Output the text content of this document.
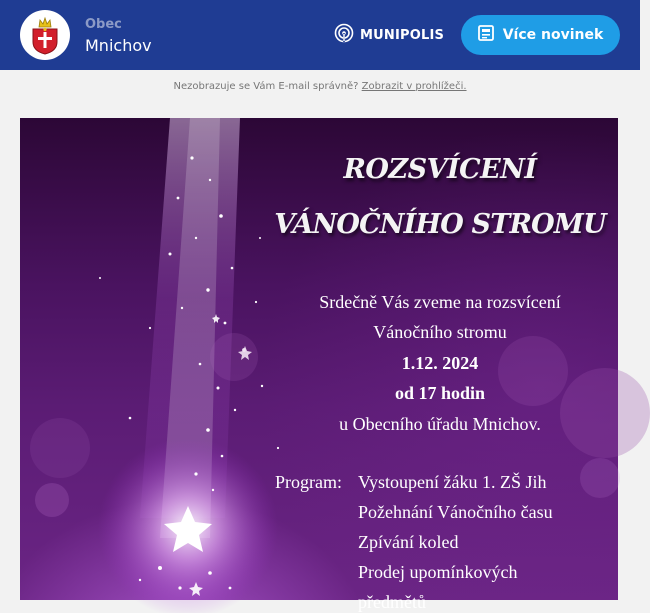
Obec
Mnichov
MUNIPOLIS	Více novinek
Nezobrazuje se Vám E-mail správně? Zobrazit v prohlížeči.
ROZSVÍCENÍ
VÁNOČNÍHO STROMU
Srdečně Vás zveme na rozsvícení
Vánočního stromu
1.12. 2024
od 17 hodin
u Obecního úřadu Mnichov.
Program: Vystoupení žáku 1. ZŠ Jih
Požehnání Vánočního času
Zpívání koled
Prodej upomínkových
předmětů
